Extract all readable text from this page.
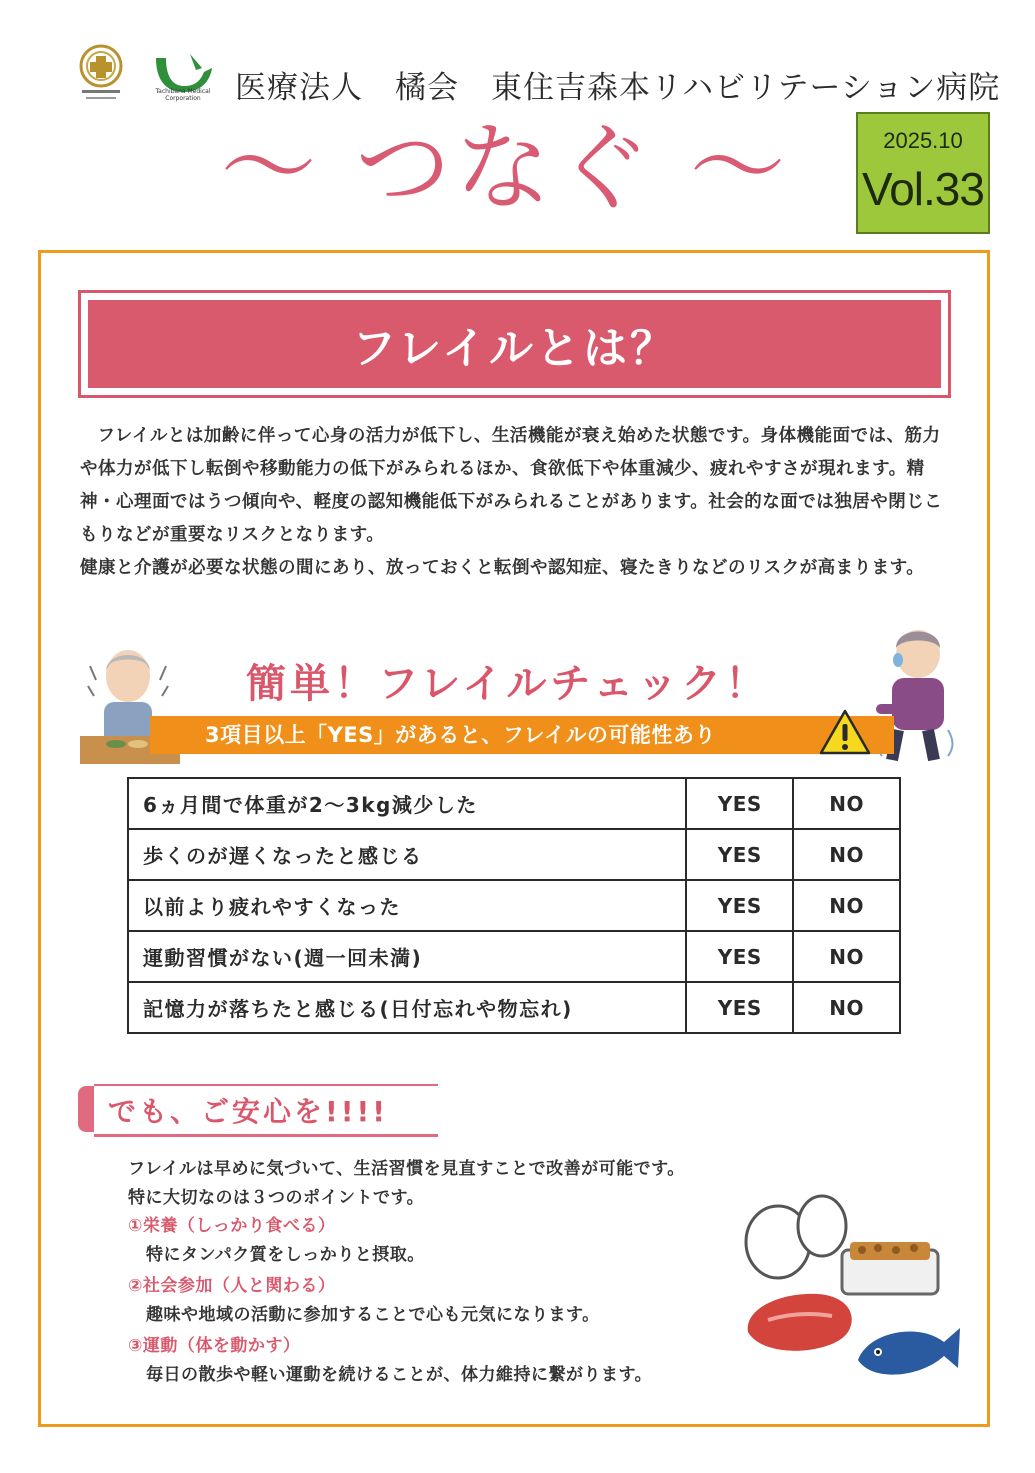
Tachibana Medical Corporation	医療法人　橘会　東住吉森本リハビリテーション病院
～ つなぐ ～	2025.10
Vol.33
フレイルとは？

フレイルとは加齢に伴って心身の活力が低下し、生活機能が衰え始めた状態です。身体機能面では、筋力や体力が低下し転倒や移動能力の低下がみられるほか、食欲低下や体重減少、疲れやすさが現れます。精神・心理面ではうつ傾向や、軽度の認知機能低下がみられることがあります。社会的な面では独居や閉じこもりなどが重要なリスクとなります。

健康と介護が必要な状態の間にあり、放っておくと転倒や認知症、寝たきりなどのリスクが高まります。

簡単！フレイルチェック！
3項目以上「YES」があると、フレイルの可能性あり
6ヵ月間で体重が2～3kg減少した	YES	NO
歩くのが遅くなったと感じる	YES	NO
以前より疲れやすくなった	YES	NO
運動習慣がない(週一回未満)	YES	NO
記憶力が落ちたと感じる(日付忘れや物忘れ)	YES	NO
でも、ご安心を!!!!
フレイルは早めに気づいて、生活習慣を見直すことで改善が可能です。
特に大切なのは３つのポイントです。
①栄養（しっかり食べる）
特にタンパク質をしっかりと摂取。
②社会参加（人と関わる）
趣味や地域の活動に参加することで心も元気になります。
③運動（体を動かす）
毎日の散歩や軽い運動を続けることが、体力維持に繋がります。
